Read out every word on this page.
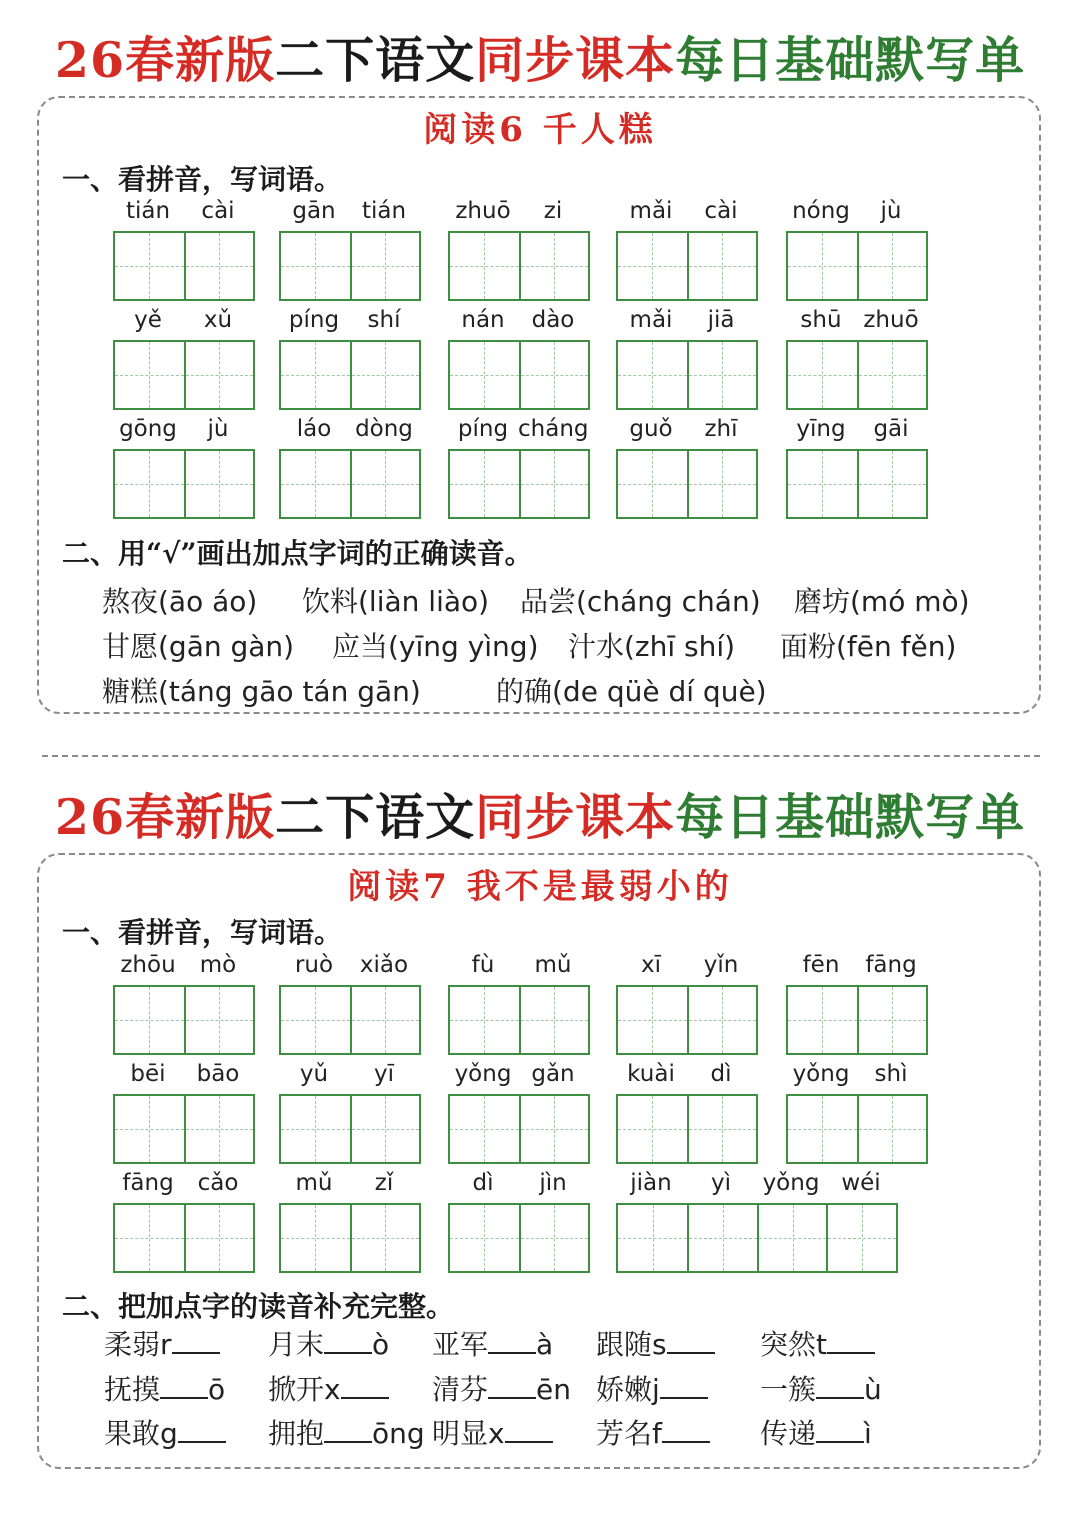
26春新版二下语文同步课本每日基础默写单
阅读6 千人糕
一、看拼音，写词语。
tián	cài	gān	tián	zhuō	zi	mǎi	cài	nóng	jù
yě	xǔ	píng	shí	nán	dào	mǎi	jiā	shū zhuō
gōng	jù	láo	dòng	píng cháng	guǒ	zhī	yīng	gāi
二、用“√”画出加点字词的正确读音。
熬夜(āo áo) 饮料(liàn liào) 品尝(cháng chán) 磨坊(mó mò)
甘愿(gān gàn) 应当(yīng yìng) 汁水(zhī shí) 面粉(fēn fěn)
糖糕(táng gāo tán gān)	的确(de qüè dí què)
26春新版二下语文同步课本每日基础默写单
阅读7 我不是最弱小的
一、看拼音，写词语。
zhōu	mò	ruò	xiǎo	fù	mǔ	xī	yǐn	fēn	fāng
bēi	bāo	yǔ	yī	yǒng gǎn	kuài	dì	yǒng	shì
fāng	cǎo	mǔ	zǐ	dì	jìn	jiàn	yì	yǒng wéi
二、把加点字的读音补充完整。
柔弱r	月末 ò 亚军 à 跟随s	突然t
抚摸 ō 掀开x	清芬 ēn 娇嫩j	一簇 ù
果敢g	拥抱 ōng 明显x	芳名f	传递 ì
